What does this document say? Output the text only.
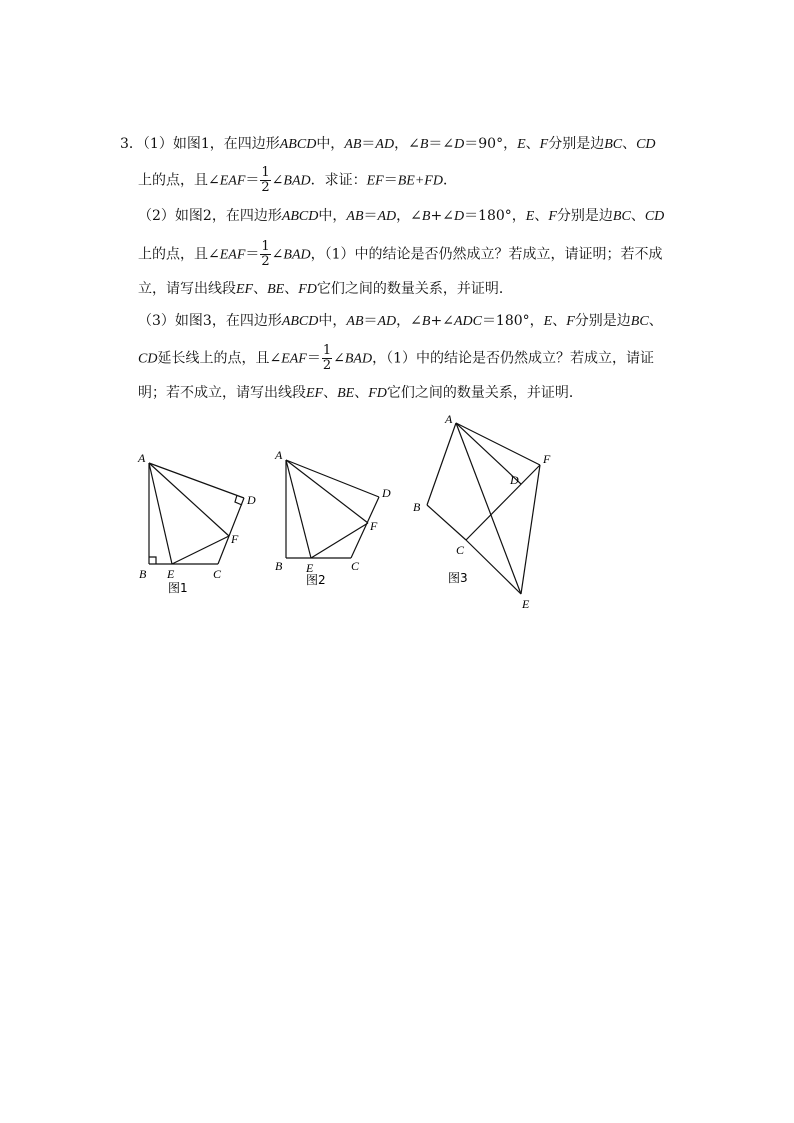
3．（1）如图1，在四边形ABCD中，AB＝AD，∠B＝∠D＝90°，E、F分别是边BC、CD
上的点，且∠EAF＝ $\frac{1}{2}$ ∠BAD．求证：EF＝BE+FD．
（2）如图2，在四边形ABCD中，AB＝AD，∠B+∠D＝180°，E、F分别是边BC、CD
上的点，且∠EAF＝ $\frac{1}{2}$ ∠BAD，（1）中的结论是否仍然成立？若成立，请证明；若不成
立，请写出线段EF、BE、FD它们之间的数量关系，并证明．
（3）如图3，在四边形ABCD中，AB＝AD，∠B+∠ADC＝180°，E、F分别是边BC、
CD延长线上的点，且∠EAF＝ $\frac{1}{2}$ ∠BAD，（1）中的结论是否仍然成立？若成立，请证
明；若不成立，请写出线段EF、BE、FD它们之间的数量关系，并证明．
A
B E	C
F
D
图1
A
B E	C
F
D
图2
A
B
C
D
F
E
图3
